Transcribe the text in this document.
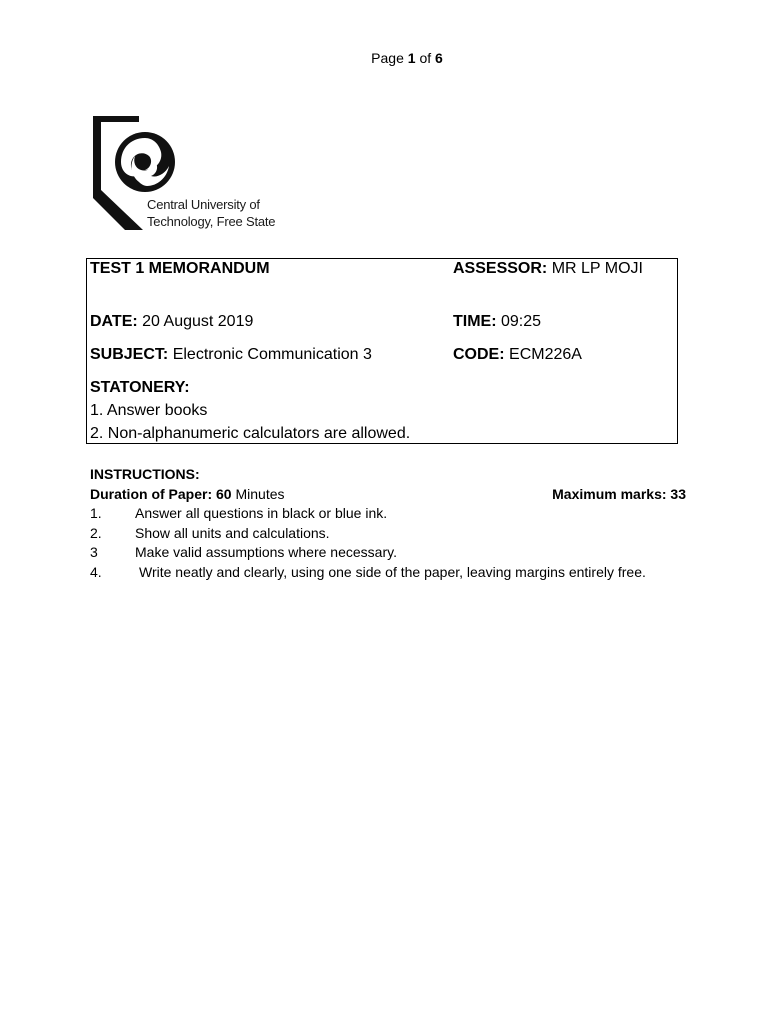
Page 1 of 6
Central University of
Technology, Free State
TEST 1 MEMORANDUM	ASSESSOR: MR LP MOJI
DATE: 20 August 2019	TIME: 09:25
SUBJECT: Electronic Communication 3	CODE: ECM226A
STATONERY:
1. Answer books
2. Non-alphanumeric calculators are allowed.
INSTRUCTIONS:
Duration of Paper: 60 Minutes	Maximum marks: 33
1. Answer all questions in black or blue ink.
2. Show all units and calculations.
3	Make valid assumptions where necessary.
4.	Write neatly and clearly, using one side of the paper, leaving margins entirely free.
